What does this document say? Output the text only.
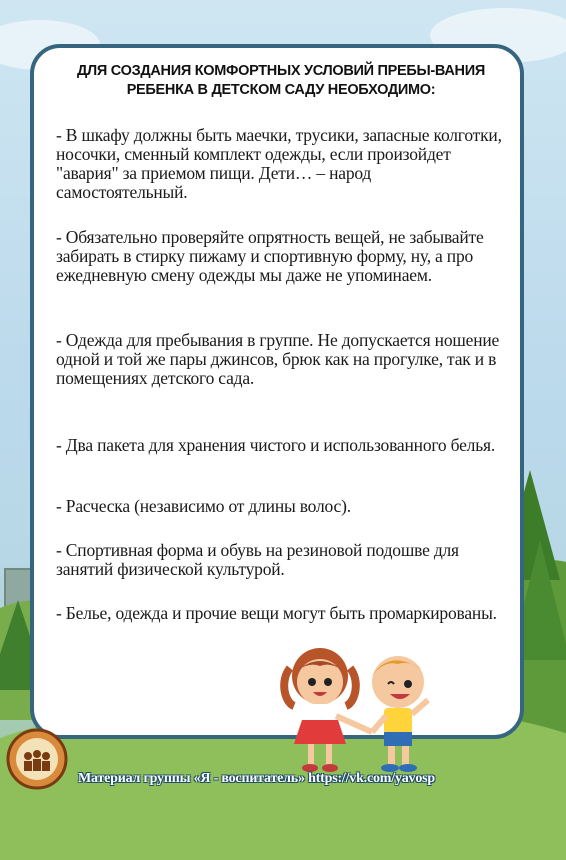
ДЛЯ СОЗДАНИЯ КОМФОРТНЫХ УСЛОВИЙ ПРЕБЫ-ВАНИЯ РЕБЕНКА В ДЕТСКОМ САДУ НЕОБХОДИМО:

- В шкафу должны быть маечки, трусики, запасные колготки, носочки, сменный комплект одежды, если произойдет "авария" за приемом пищи. Дети… – народ самостоятельный.

- Обязательно проверяйте опрятность вещей, не забывайте забирать в стирку пижаму и спортивную форму, ну, а про ежедневную смену одежды мы даже не упоминаем.

- Одежда для пребывания в группе. Не допускается ношение одной и той же пары джинсов, брюк как на прогулке, так и в помещениях детского сада.

- Два пакета для хранения чистого и использованного белья.

- Расческа (независимо от длины волос).

- Спортивная форма и обувь на резиновой подошве для занятий физической культурой.

- Белье, одежда и прочие вещи могут быть промаркированы.

Материал группы «Я - воспитатель» https://vk.com/yavosp
